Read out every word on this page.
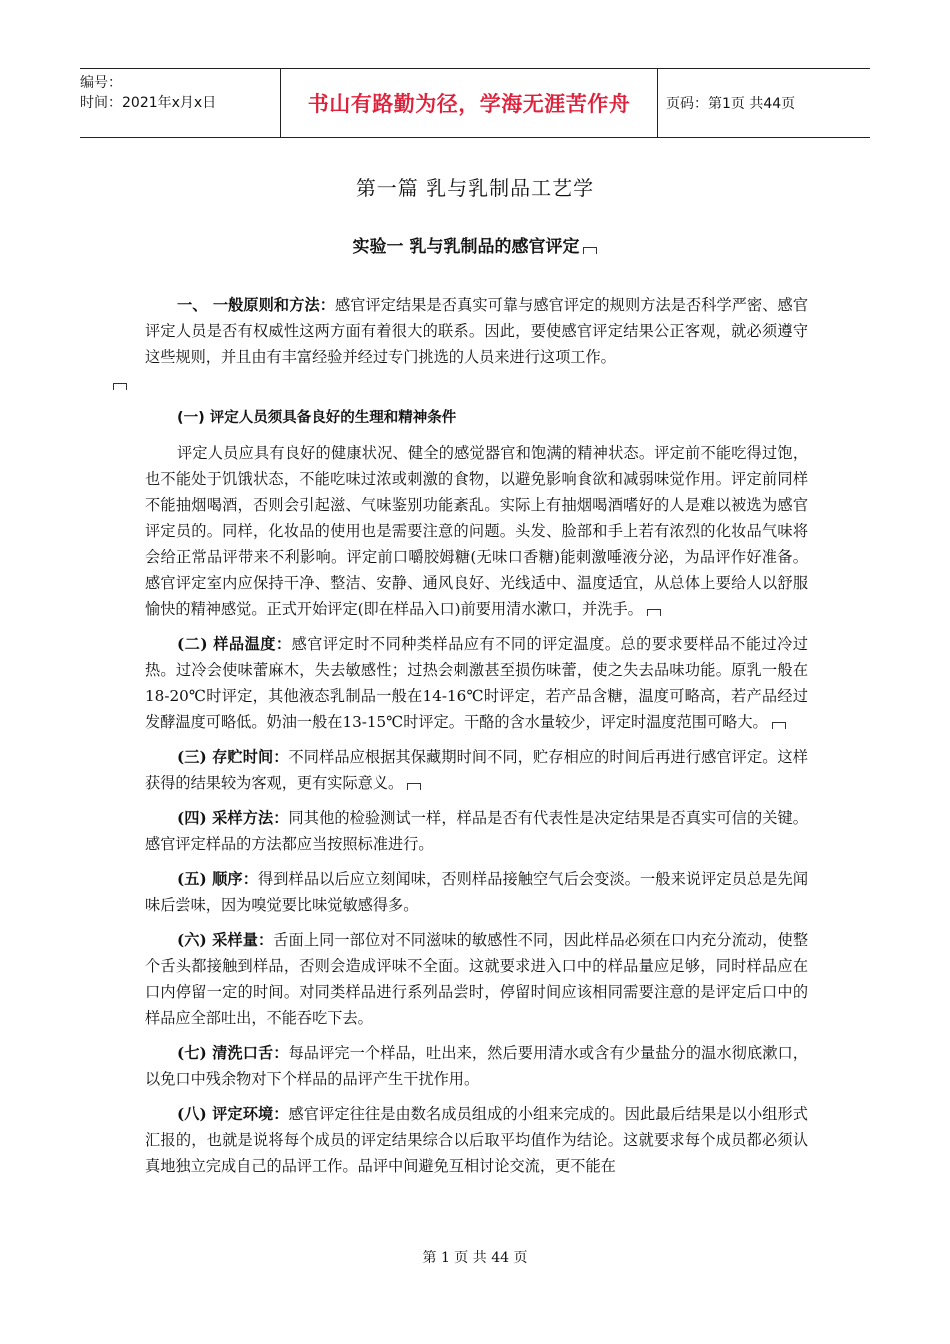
编号：
时间：2021年x月x日	书山有路勤为径，学海无涯苦作舟	页码：第1页 共44页
第一篇 乳与乳制品工艺学
实验一 乳与乳制品的感官评定

一、 一般原则和方法：感官评定结果是否真实可靠与感官评定的规则方法是否科学严密、感官评定人员是否有权威性这两方面有着很大的联系。因此，要使感官评定结果公正客观，就必须遵守这些规则，并且由有丰富经验并经过专门挑选的人员来进行这项工作。

(一) 评定人员须具备良好的生理和精神条件

评定人员应具有良好的健康状况、健全的感觉器官和饱满的精神状态。评定前不能吃得过饱，也不能处于饥饿状态，不能吃味过浓或刺激的食物，以避免影响食欲和减弱味觉作用。评定前同样不能抽烟喝酒，否则会引起滋、气味鉴别功能紊乱。实际上有抽烟喝酒嗜好的人是难以被选为感官评定员的。同样，化妆品的使用也是需要注意的问题。头发、脸部和手上若有浓烈的化妆品气味将会给正常品评带来不利影响。评定前口嚼胶姆糖(无味口香糖)能刺激唾液分泌，为品评作好准备。感官评定室内应保持干净、整洁、安静、通风良好、光线适中、温度适宜，从总体上要给人以舒服愉快的精神感觉。正式开始评定(即在样品入口)前要用清水漱口，并洗手。

(二) 样品温度：感官评定时不同种类样品应有不同的评定温度。总的要求要样品不能过冷过热。过冷会使味蕾麻木，失去敏感性；过热会刺激甚至损伤味蕾，使之失去品味功能。原乳一般在18-20℃时评定，其他液态乳制品一般在14-16℃时评定，若产品含糖，温度可略高，若产品经过发酵温度可略低。奶油一般在13-15℃时评定。干酪的含水量较少，评定时温度范围可略大。

(三) 存贮时间：不同样品应根据其保藏期时间不同，贮存相应的时间后再进行感官评定。这样获得的结果较为客观，更有实际意义。

(四) 采样方法：同其他的检验测试一样，样品是否有代表性是决定结果是否真实可信的关键。感官评定样品的方法都应当按照标准进行。

(五) 顺序：得到样品以后应立刻闻味，否则样品接触空气后会变淡。一般来说评定员总是先闻味后尝味，因为嗅觉要比味觉敏感得多。

(六) 采样量：舌面上同一部位对不同滋味的敏感性不同，因此样品必须在口内充分流动，使整个舌头都接触到样品，否则会造成评味不全面。这就要求进入口中的样品量应足够，同时样品应在口内停留一定的时间。对同类样品进行系列品尝时，停留时间应该相同需要注意的是评定后口中的样品应全部吐出，不能吞吃下去。

(七) 清洗口舌：每品评完一个样品，吐出来，然后要用清水或含有少量盐分的温水彻底漱口，以免口中残余物对下个样品的品评产生干扰作用。

(八) 评定环境：感官评定往往是由数名成员组成的小组来完成的。因此最后结果是以小组形式汇报的，也就是说将每个成员的评定结果综合以后取平均值作为结论。这就要求每个成员都必须认真地独立完成自己的品评工作。品评中间避免互相讨论交流，更不能在

第 1 页 共 44 页
